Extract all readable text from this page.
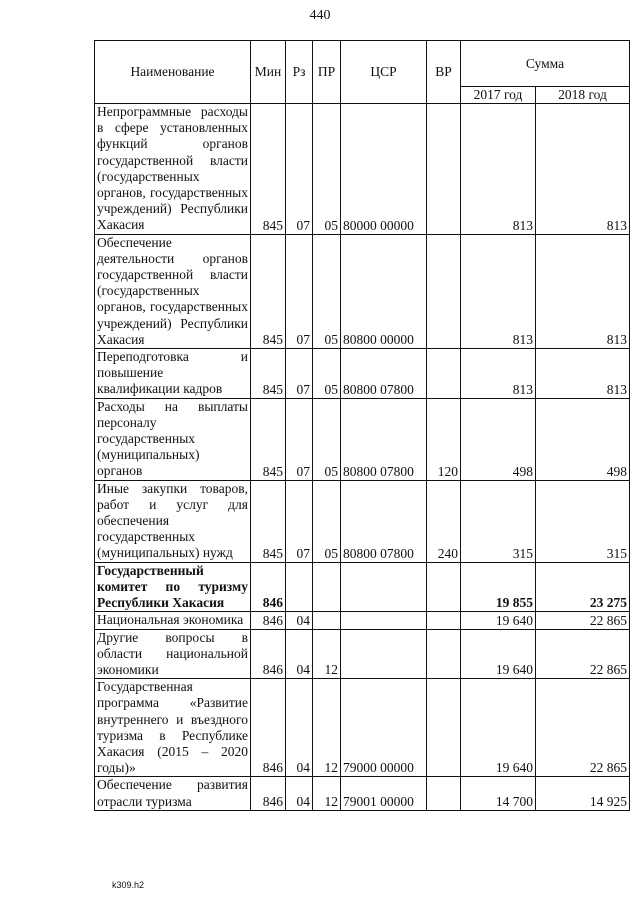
440
Наименование	Мин	Рз	ПР	ЦСР	ВР	Сумма	
						2017 год	2018 год
Непрограммные расходы в сфере установленных функций органов государственной власти (государственных органов, государственных учреждений) Республики Хакасия	845	07	05	80000 00000		813	813
Обеспечение деятельности органов государственной власти (государственных органов, государственных учреждений) Республики Хакасия	845	07	05	80800 00000		813	813
Переподготовка и повышение квалификации кадров	845	07	05	80800 07800		813	813
Расходы на выплаты персоналу государственных (муниципальных) органов	845	07	05	80800 07800	120	498	498
Иные закупки товаров, работ и услуг для обеспечения государственных (муниципальных) нужд	845	07	05	80800 07800	240	315	315
Государственный комитет по туризму Республики Хакасия	846					19 855	23 275
Национальная экономика	846	04				19 640	22 865
Другие вопросы в области национальной экономики	846	04	12			19 640	22 865
Государственная программа «Развитие внутреннего и въездного туризма в Республике Хакасия (2015 – 2020 годы)»	846	04	12	79000 00000		19 640	22 865
Обеспечение развития отрасли туризма	846	04	12	79001 00000		14 700	14 925
k309.h2
